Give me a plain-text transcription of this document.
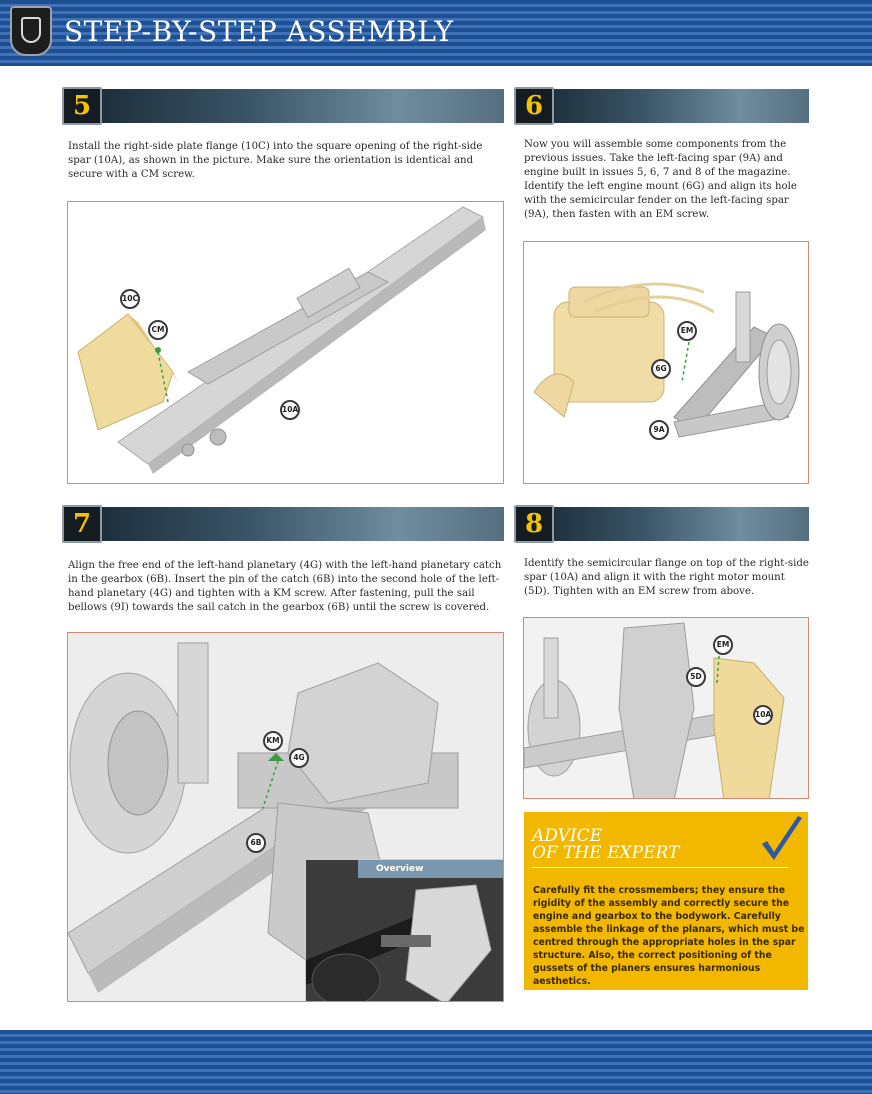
STEP-BY-STEP ASSEMBLY
5
Install the right-side plate flange (10C) into the square opening of the right-side spar (10A), as shown in the picture. Make sure the orientation is identical and secure with a CM screw.
10C
CM
10A
6
Now you will assemble some components from the previous issues. Take the left-facing spar (9A) and engine built in issues 5, 6, 7 and 8 of the magazine. Identify the left engine mount (6G) and align its hole with the semicircular fender on the left-facing spar (9A), then fasten with an EM screw.
EM
6G
9A
7
Align the free end of the left-hand planetary (4G) with the left-hand planetary catch in the gearbox (6B). Insert the pin of the catch (6B) into the second hole of the left-hand planetary (4G) and tighten with a KM screw. After fastening, pull the sail bellows (9I) towards the sail catch in the gearbox (6B) until the screw is covered.
KM
4G
6B
Overview
8
Identify the semicircular flange on top of the right-side spar (10A) and align it with the right motor mount (5D). Tighten with an EM screw from above.
EM
5D
10A
ADVICE
OF THE EXPERT
Carefully fit the crossmembers; they ensure the rigidity of the assembly and correctly secure the engine and gearbox to the bodywork. Carefully assemble the linkage of the planars, which must be centred through the appropriate holes in the spar structure. Also, the correct positioning of the gussets of the planers ensures harmonious aesthetics.
